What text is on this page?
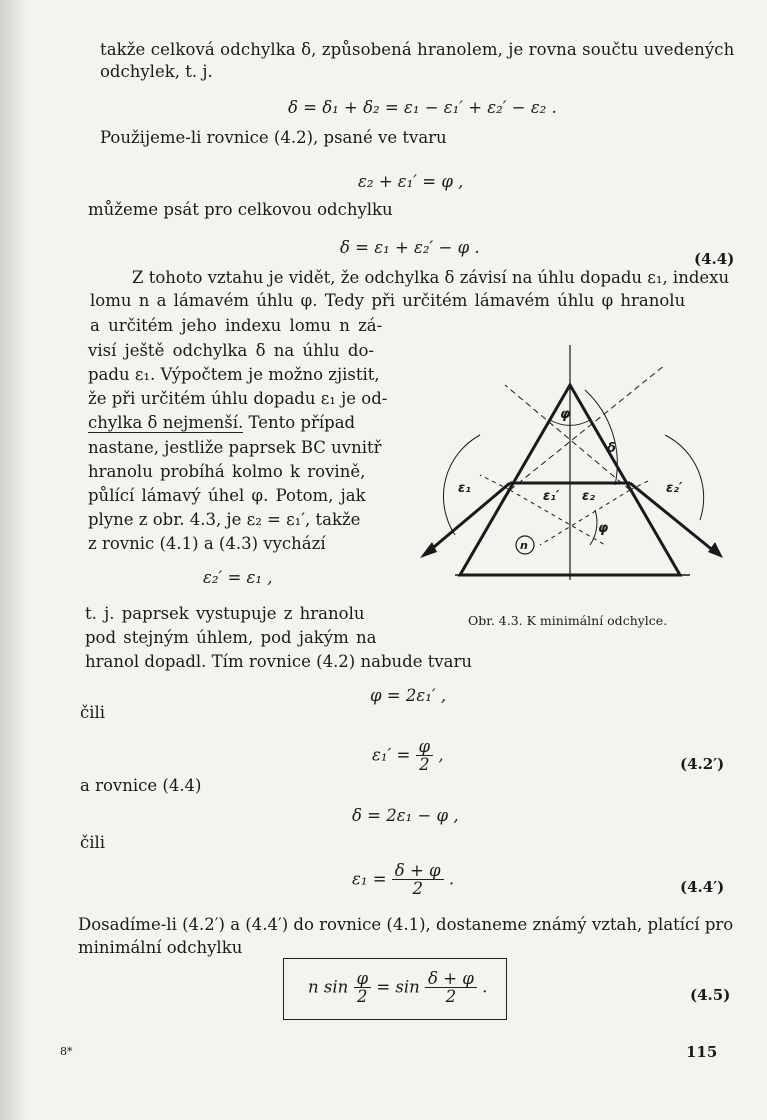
takže celková odchylka δ, způsobená hranolem, je rovna součtu uvedených
odchylek, t. j.
δ = δ₁ + δ₂ = ε₁ − ε₁′ + ε₂′ − ε₂ .
Použijeme-li rovnice (4.2), psané ve tvaru
ε₂ + ε₁′ = φ ,
můžeme psát pro celkovou odchylku
δ = ε₁ + ε₂′ − φ .
(4.4)
Z tohoto vztahu je vidět, že odchylka δ závisí na úhlu dopadu ε₁, indexu
lomu n a lámavém úhlu φ. Tedy při určitém lámavém úhlu φ hranolu
a určitém jeho indexu lomu n zá-
visí ještě odchylka δ na úhlu do-
padu ε₁. Výpočtem je možno zjistit,
že při určitém úhlu dopadu ε₁ je od-
chylka δ nejmenší. Tento případ
nastane, jestliže paprsek BC uvnitř
hranolu probíhá kolmo k rovině,
půlící lámavý úhel φ. Potom, jak
plyne z obr. 4.3, je ε₂ = ε₁′, takže
z rovnic (4.1) a (4.3) vychází
ε₂′ = ε₁ ,
t. j. paprsek vystupuje z hranolu
pod stejným úhlem, pod jakým na
hranol dopadl. Tím rovnice (4.2) nabude tvaru
φ
δ
ε₁
ε₁′ ε₂
ε₂′
φ
n
Obr. 4.3. K minimální odchylce.
φ = 2ε₁′ ,
čili
$\varepsilon_1' = \frac{\varphi}{2}$ ,	(4.2′)
a rovnice (4.4)
δ = 2ε₁ − φ ,
čili
$\varepsilon_1 = \frac{\delta + \varphi}{2}$ .	(4.4′)
Dosadíme-li (4.2′) a (4.4′) do rovnice (4.1), dostaneme známý vztah, platící pro
minimální odchylku
n $\sin \frac{\varphi}{2} = \sin \frac{\delta + \varphi}{2}$ .	(4.5)
8*	115
